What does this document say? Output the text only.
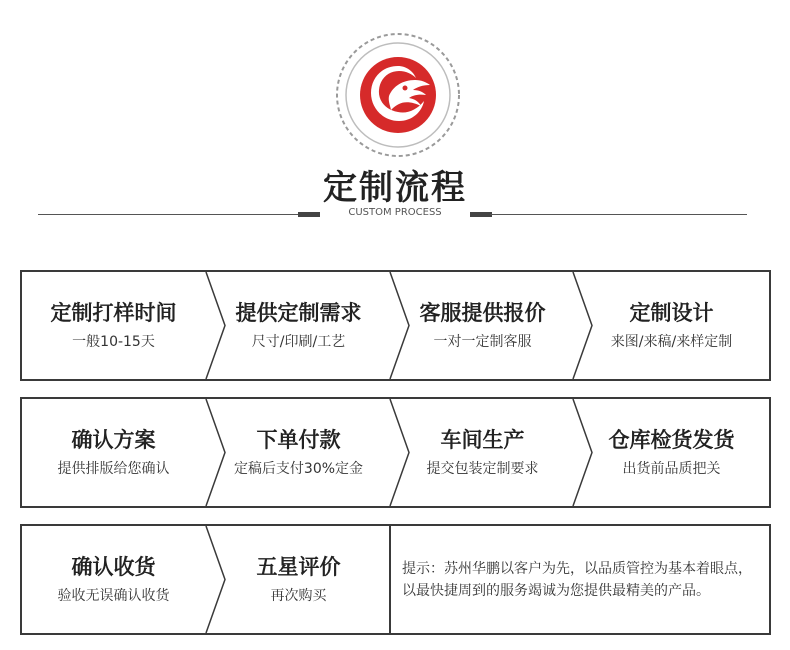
定制流程
CUSTOM PROCESS
定制打样时间
一般10-15天
提供定制需求
尺寸/印刷/工艺
客服提供报价
一对一定制客服
定制设计
来图/来稿/来样定制
确认方案
提供排版给您确认
下单付款
定稿后支付30%定金
车间生产
提交包装定制要求
仓库检货发货
出货前品质把关
确认收货
验收无误确认收货
五星评价
再次购买
提示：苏州华鹏以客户为先，以品质管控为基本着眼点，以最快捷周到的服务竭诚为您提供最精美的产品。
